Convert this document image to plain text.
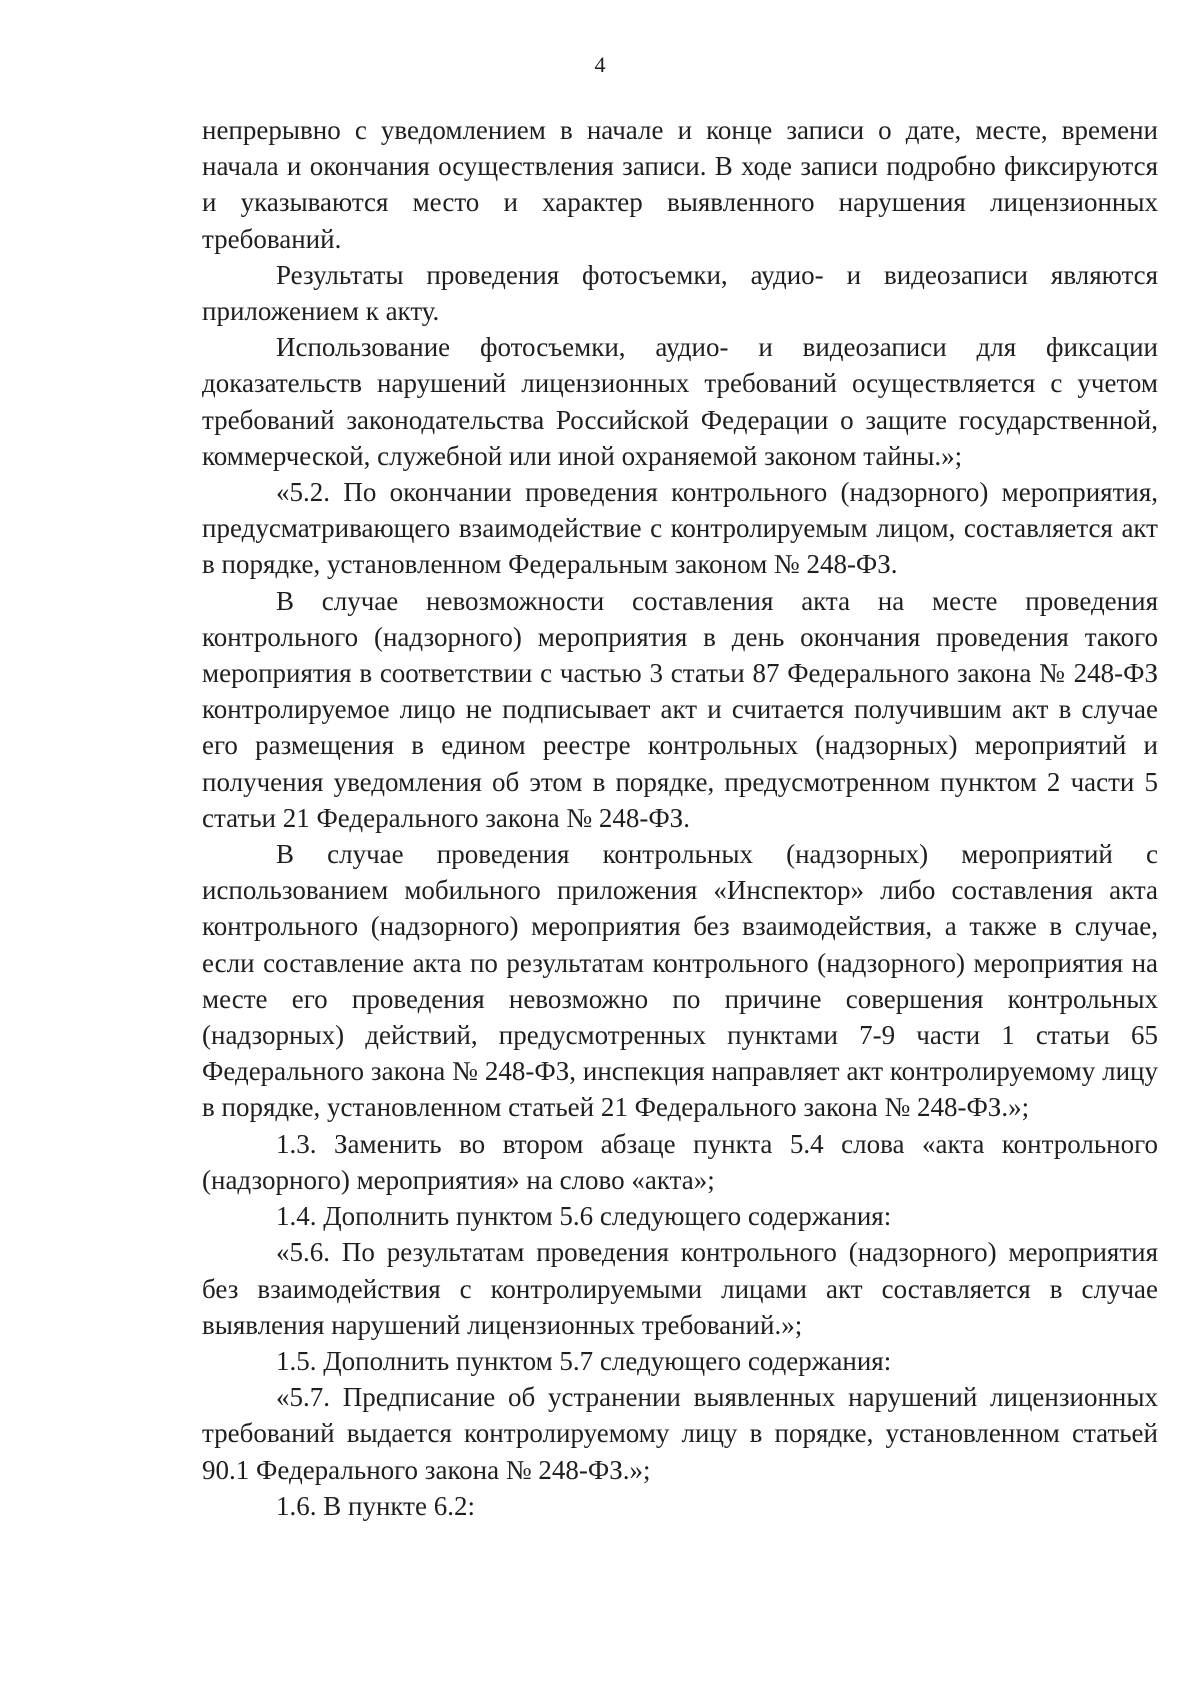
4

непрерывно с уведомлением в начале и конце записи о дате, месте, времени начала и окончания осуществления записи. В ходе записи подробно фиксируются и указываются место и характер выявленного нарушения лицензионных требований.

Результаты проведения фотосъемки, аудио- и видеозаписи являются приложением к акту.

Использование фотосъемки, аудио- и видеозаписи для фиксации доказательств нарушений лицензионных требований осуществляется с учетом требований законодательства Российской Федерации о защите государственной, коммерческой, служебной или иной охраняемой законом тайны.»;

«5.2. По окончании проведения контрольного (надзорного) мероприятия, предусматривающего взаимодействие с контролируемым лицом, составляется акт в порядке, установленном Федеральным законом № 248-ФЗ.

В случае невозможности составления акта на месте проведения контрольного (надзорного) мероприятия в день окончания проведения такого мероприятия в соответствии с частью 3 статьи 87 Федерального закона № 248-ФЗ контролируемое лицо не подписывает акт и считается получившим акт в случае его размещения в едином реестре контрольных (надзорных) мероприятий и получения уведомления об этом в порядке, предусмотренном пунктом 2 части 5 статьи 21 Федерального закона № 248-ФЗ.

В случае проведения контрольных (надзорных) мероприятий с использованием мобильного приложения «Инспектор» либо составления акта контрольного (надзорного) мероприятия без взаимодействия, а также в случае, если составление акта по результатам контрольного (надзорного) мероприятия на месте его проведения невозможно по причине совершения контрольных (надзорных) действий, предусмотренных пунктами 7-9 части 1 статьи 65 Федерального закона № 248-ФЗ, инспекция направляет акт контролируемому лицу в порядке, установленном статьей 21 Федерального закона № 248-ФЗ.»;

1.3. Заменить во втором абзаце пункта 5.4 слова «акта контрольного (надзорного) мероприятия» на слово «акта»;

1.4. Дополнить пунктом 5.6 следующего содержания:

«5.6. По результатам проведения контрольного (надзорного) мероприятия без взаимодействия с контролируемыми лицами акт составляется в случае выявления нарушений лицензионных требований.»;

1.5. Дополнить пунктом 5.7 следующего содержания:

«5.7. Предписание об устранении выявленных нарушений лицензионных требований выдается контролируемому лицу в порядке, установленном статьей 90.1 Федерального закона № 248-ФЗ.»;

1.6. В пункте 6.2:
